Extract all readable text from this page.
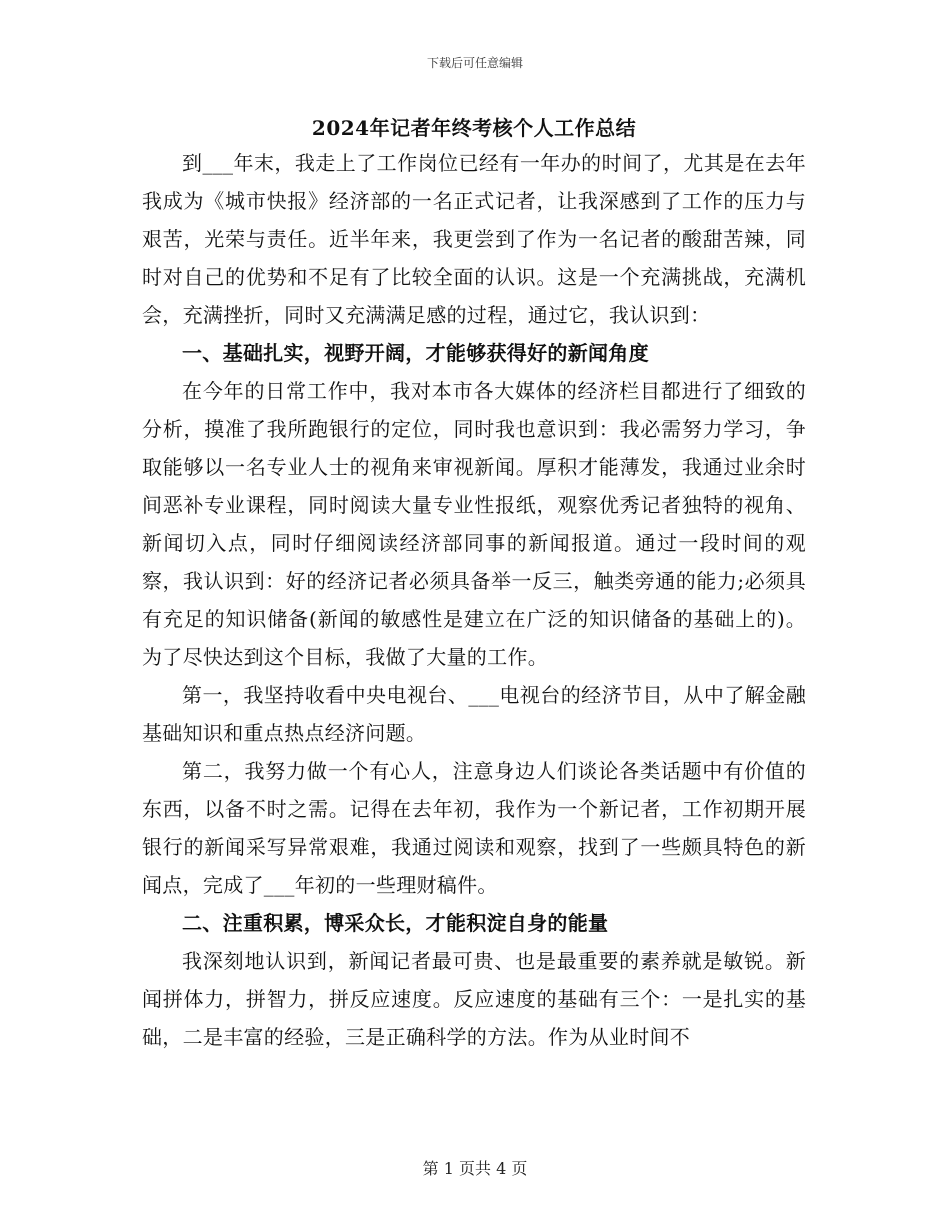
下载后可任意编辑
2024年记者年终考核个人工作总结

到___年末，我走上了工作岗位已经有一年办的时间了，尤其是在去年我成为《城市快报》经济部的一名正式记者，让我深感到了工作的压力与艰苦，光荣与责任。近半年来，我更尝到了作为一名记者的酸甜苦辣，同时对自己的优势和不足有了比较全面的认识。这是一个充满挑战，充满机会，充满挫折，同时又充满满足感的过程，通过它，我认识到：

一、基础扎实，视野开阔，才能够获得好的新闻角度

在今年的日常工作中，我对本市各大媒体的经济栏目都进行了细致的分析，摸准了我所跑银行的定位，同时我也意识到：我必需努力学习，争取能够以一名专业人士的视角来审视新闻。厚积才能薄发，我通过业余时间恶补专业课程，同时阅读大量专业性报纸，观察优秀记者独特的视角、新闻切入点，同时仔细阅读经济部同事的新闻报道。通过一段时间的观察，我认识到：好的经济记者必须具备举一反三，触类旁通的能力;必须具有充足的知识储备(新闻的敏感性是建立在广泛的知识储备的基础上的)。为了尽快达到这个目标，我做了大量的工作。

第一，我坚持收看中央电视台、___电视台的经济节目，从中了解金融基础知识和重点热点经济问题。

第二，我努力做一个有心人，注意身边人们谈论各类话题中有价值的东西，以备不时之需。记得在去年初，我作为一个新记者，工作初期开展银行的新闻采写异常艰难，我通过阅读和观察，找到了一些颇具特色的新闻点，完成了___年初的一些理财稿件。

二、注重积累，博采众长，才能积淀自身的能量

我深刻地认识到，新闻记者最可贵、也是最重要的素养就是敏锐。新闻拼体力，拼智力，拼反应速度。反应速度的基础有三个：一是扎实的基础，二是丰富的经验，三是正确科学的方法。作为从业时间不

第 1 页共 4 页
